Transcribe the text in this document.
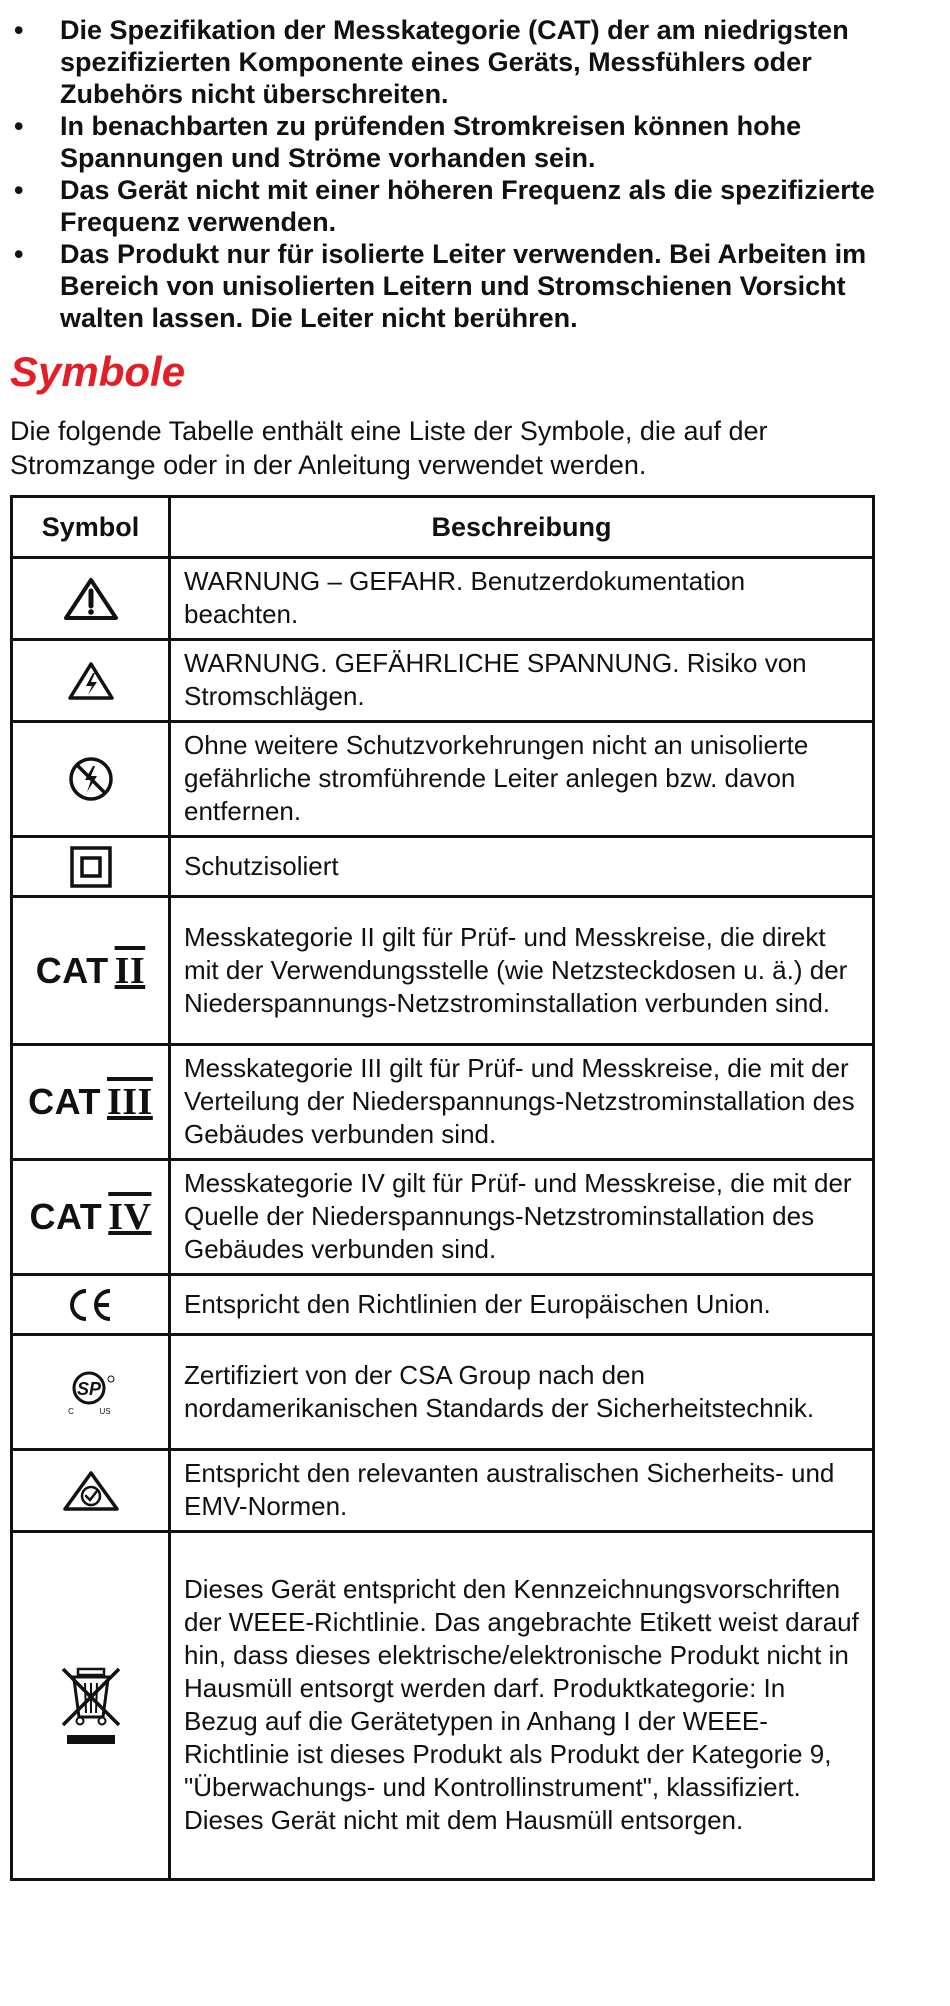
• Die Spezifikation der Messkategorie (CAT) der am niedrigsten spezifizierten Komponente eines Geräts, Messfühlers oder Zubehörs nicht überschreiten.
• In benachbarten zu prüfenden Stromkreisen können hohe Spannungen und Ströme vorhanden sein.
• Das Gerät nicht mit einer höheren Frequenz als die spezifizierte Frequenz verwenden.
• Das Produkt nur für isolierte Leiter verwenden. Bei Arbeiten im Bereich von unisolierten Leitern und Stromschienen Vorsicht walten lassen. Die Leiter nicht berühren.
Symbole

Die folgende Tabelle enthält eine Liste der Symbole, die auf der Stromzange oder in der Anleitung verwendet werden.

Symbol	Beschreibung
	WARNUNG – GEFAHR. Benutzerdokumentation beachten.
	WARNUNG. GEFÄHRLICHE SPANNUNG. Risiko von Stromschlägen.
	Ohne weitere Schutzvorkehrungen nicht an unisolierte gefährliche stromführende Leiter anlegen bzw. davon entfernen.
	Schutzisoliert
CAT II	Messkategorie II gilt für Prüf- und Messkreise, die direkt mit der Verwendungsstelle (wie Netzsteckdosen u. ä.) der Niederspannungs-Netzstrominstallation verbunden sind.
CAT III	Messkategorie III gilt für Prüf- und Messkreise, die mit der Verteilung der Niederspannungs-Netzstrominstallation des Gebäudes verbunden sind.
CAT IV	Messkategorie IV gilt für Prüf- und Messkreise, die mit der Quelle der Niederspannungs-Netzstrominstallation des Gebäudes verbunden sind.
	Entspricht den Richtlinien der Europäischen Union.

SP
C US	Zertifiziert von der CSA Group nach den nordamerikanischen Standards der Sicherheitstechnik.
	Entspricht den relevanten australischen Sicherheits- und EMV-Normen.
	Dieses Gerät entspricht den Kennzeichnungsvorschriften der WEEE-Richtlinie. Das angebrachte Etikett weist darauf hin, dass dieses elektrische/elektronische Produkt nicht in Hausmüll entsorgt werden darf. Produktkategorie: In Bezug auf die Gerätetypen in Anhang I der WEEE-Richtlinie ist dieses Produkt als Produkt der Kategorie 9, "Überwachungs- und Kontrollinstrument", klassifiziert. Dieses Gerät nicht mit dem Hausmüll entsorgen.
